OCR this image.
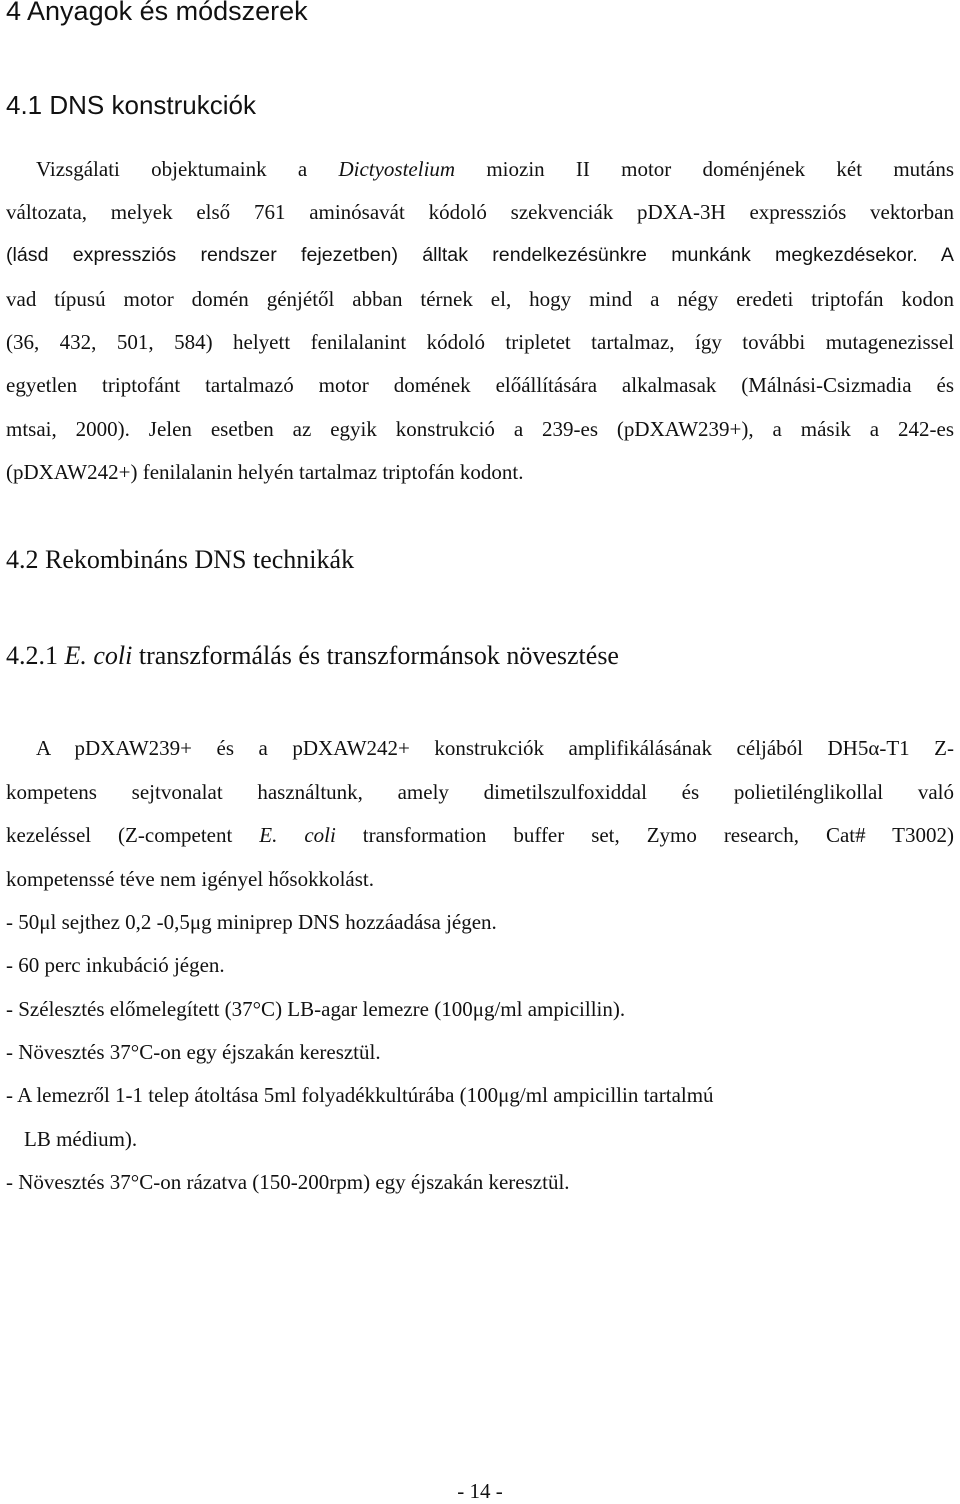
4 Anyagok és módszerek
4.1 DNS konstrukciók
Vizsgálati objektumaink a Dictyostelium miozin II motor doménjének két mutáns
változata, melyek első 761 aminósavát kódoló szekvenciák pDXA-3H expressziós vektorban
(lásd expressziós rendszer fejezetben) álltak rendelkezésünkre munkánk megkezdésekor. A
vad típusú motor domén génjétől abban térnek el, hogy mind a négy eredeti triptofán kodon
(36, 432, 501, 584) helyett fenilalanint kódoló tripletet tartalmaz, így további mutagenezissel
egyetlen triptofánt tartalmazó motor domének előállítására alkalmasak (Málnási-Csizmadia és
mtsai, 2000). Jelen esetben az egyik konstrukció a 239-es (pDXAW239+), a másik a 242-es
(pDXAW242+) fenilalanin helyén tartalmaz triptofán kodont.
4.2 Rekombináns DNS technikák
4.2.1 E. coli transzformálás és transzformánsok növesztése
A pDXAW239+ és a pDXAW242+ konstrukciók amplifikálásának céljából DH5α-T1 Z-
kompetens sejtvonalat használtunk, amely dimetilszulfoxiddal és polietilénglikollal való
kezeléssel (Z-competent E. coli transformation buffer set, Zymo research, Cat# T3002)
kompetenssé téve nem igényel hősokkolást.
- 50μl sejthez 0,2 -0,5μg miniprep DNS hozzáadása jégen.
- 60 perc inkubáció jégen.
- Szélesztés előmelegített (37°C) LB-agar lemezre (100μg/ml ampicillin).
- Növesztés 37°C-on egy éjszakán keresztül.
- A lemezről 1-1 telep átoltása 5ml folyadékkultúrába (100μg/ml ampicillin tartalmú
LB médium).
- Növesztés 37°C-on rázatva (150-200rpm) egy éjszakán keresztül.
- 14 -
